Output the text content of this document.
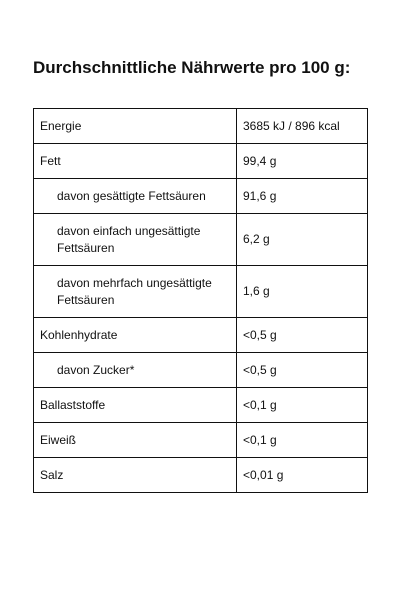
Durchschnittliche Nährwerte pro 100 g:
Energie	3685 kJ / 896 kcal
Fett	99,4 g
davon gesättigte Fettsäuren	91,6 g
davon einfach ungesättigte Fettsäuren	6,2 g
davon mehrfach ungesättigte Fettsäuren	1,6 g
Kohlenhydrate	<0,5 g
davon Zucker*	<0,5 g
Ballaststoffe	<0,1 g
Eiweiß	<0,1 g
Salz	<0,01 g
